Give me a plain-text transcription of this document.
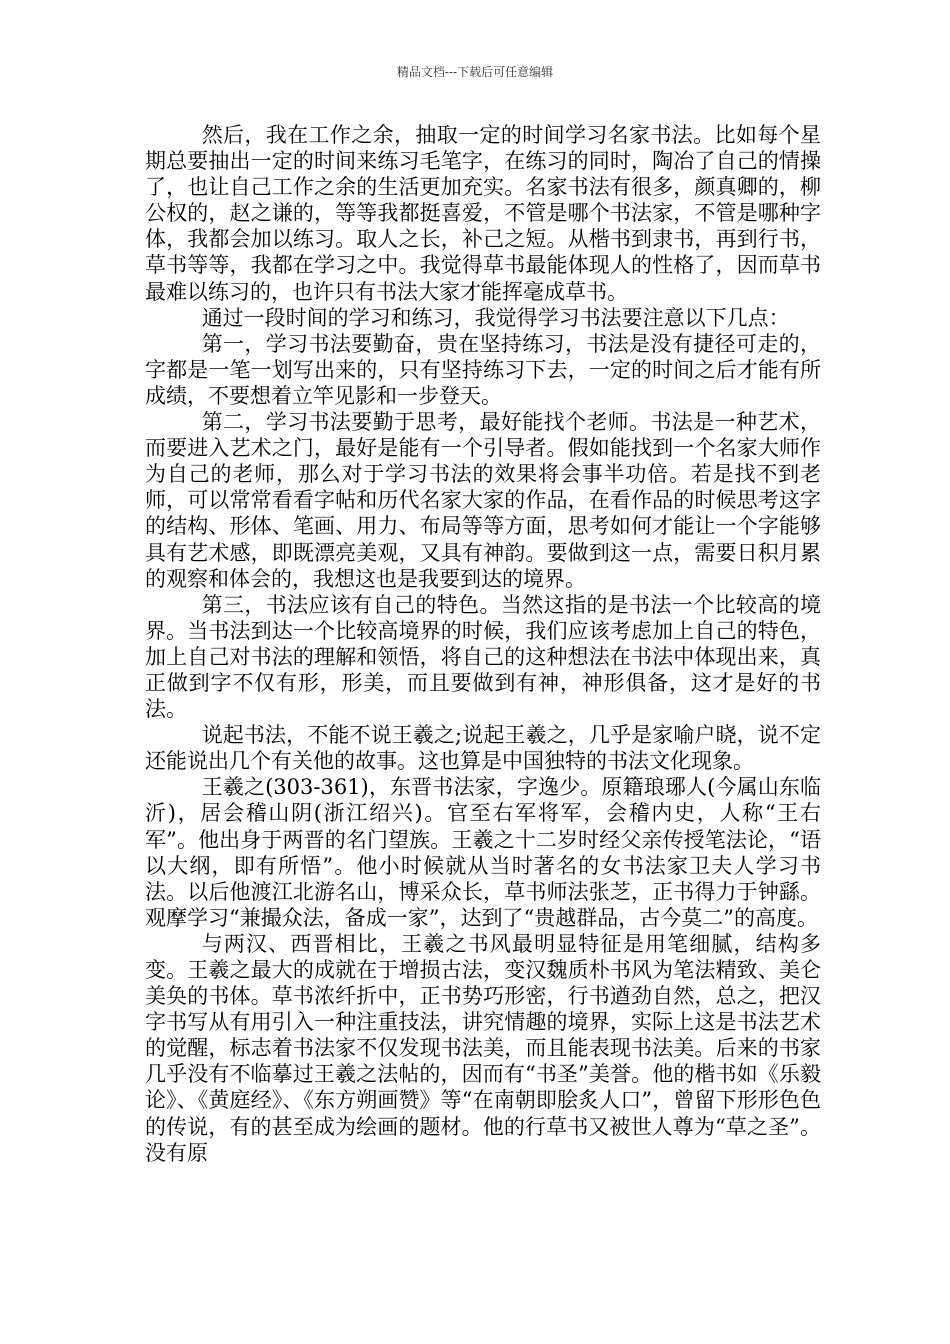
精品文档---下载后可任意编辑

然后，我在工作之余，抽取一定的时间学习名家书法。比如每个星期总要抽出一定的时间来练习毛笔字，在练习的同时，陶冶了自己的情操了，也让自己工作之余的生活更加充实。名家书法有很多，颜真卿的，柳公权的，赵之谦的，等等我都挺喜爱，不管是哪个书法家，不管是哪种字体，我都会加以练习。取人之长，补己之短。从楷书到隶书，再到行书，草书等等，我都在学习之中。我觉得草书最能体现人的性格了，因而草书最难以练习的，也许只有书法大家才能挥毫成草书。

通过一段时间的学习和练习，我觉得学习书法要注意以下几点：

第一，学习书法要勤奋，贵在坚持练习，书法是没有捷径可走的，字都是一笔一划写出来的，只有坚持练习下去，一定的时间之后才能有所成绩，不要想着立竿见影和一步登天。

第二，学习书法要勤于思考，最好能找个老师。书法是一种艺术，而要进入艺术之门，最好是能有一个引导者。假如能找到一个名家大师作为自己的老师，那么对于学习书法的效果将会事半功倍。若是找不到老师，可以常常看看字帖和历代名家大家的作品，在看作品的时候思考这字的结构、形体、笔画、用力、布局等等方面，思考如何才能让一个字能够具有艺术感，即既漂亮美观，又具有神韵。要做到这一点，需要日积月累的观察和体会的，我想这也是我要到达的境界。

第三，书法应该有自己的特色。当然这指的是书法一个比较高的境界。当书法到达一个比较高境界的时候，我们应该考虑加上自己的特色，加上自己对书法的理解和领悟，将自己的这种想法在书法中体现出来，真正做到字不仅有形，形美，而且要做到有神，神形俱备，这才是好的书法。

说起书法，不能不说王羲之;说起王羲之，几乎是家喻户晓，说不定还能说出几个有关他的故事。这也算是中国独特的书法文化现象。

王羲之(303-361)，东晋书法家，字逸少。原籍琅琊人(今属山东临沂)，居会稽山阴(浙江绍兴)。官至右军将军，会稽内史，人称“王右军”。他出身于两晋的名门望族。王羲之十二岁时经父亲传授笔法论，“语以大纲，即有所悟”。他小时候就从当时著名的女书法家卫夫人学习书法。以后他渡江北游名山，博采众长，草书师法张芝，正书得力于钟繇。观摩学习“兼撮众法，备成一家”，达到了“贵越群品，古今莫二”的高度。

与两汉、西晋相比，王羲之书风最明显特征是用笔细腻，结构多变。王羲之最大的成就在于增损古法，变汉魏质朴书风为笔法精致、美仑美奂的书体。草书浓纤折中，正书势巧形密，行书遒劲自然，总之，把汉字书写从有用引入一种注重技法，讲究情趣的境界，实际上这是书法艺术的觉醒，标志着书法家不仅发现书法美，而且能表现书法美。后来的书家几乎没有不临摹过王羲之法帖的，因而有“书圣”美誉。他的楷书如《乐毅论》、《黄庭经》、《东方朔画赞》等“在南朝即脍炙人口”，曾留下形形色色的传说，有的甚至成为绘画的题材。他的行草书又被世人尊为“草之圣”。没有原
